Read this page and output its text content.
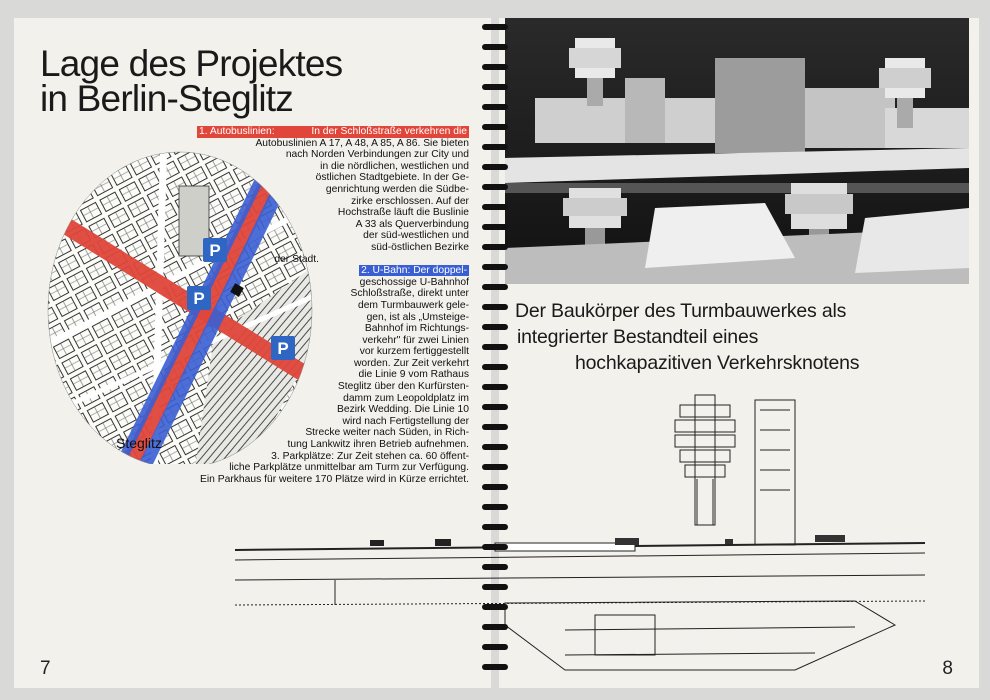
Lage des Projektes
in Berlin-Steglitz
P
P
P
Steglitz
1. Autobuslinien:	In der Schloßstraße verkehren die
Autobuslinien A 17, A 48, A 85, A 86. Sie bieten
nach Norden Verbindungen zur City und
in die nördlichen, westlichen und
östlichen Stadtgebiete. In der Ge-
genrichtung werden die Südbe-
zirke erschlossen. Auf der
Hochstraße läuft die Buslinie
A 33 als Querverbindung
der süd-westlichen und
süd-östlichen Bezirke
der Stadt.
2. U-Bahn: Der doppel-
geschossige U-Bahnhof
Schloßstraße, direkt unter
dem Turmbauwerk gele-
gen, ist als „Umsteige-
Bahnhof im Richtungs-
verkehr" für zwei Linien
vor kurzem fertiggestellt
worden. Zur Zeit verkehrt
die Linie 9 vom Rathaus
Steglitz über den Kurfürsten-
damm zum Leopoldplatz im
Bezirk Wedding. Die Linie 10
wird nach Fertigstellung der
Strecke weiter nach Süden, in Rich-
tung Lankwitz ihren Betrieb aufnehmen.
3. Parkplätze: Zur Zeit stehen ca. 60 öffent-
liche Parkplätze unmittelbar am Turm zur Verfügung.
Ein Parkhaus für weitere 170 Plätze wird in Kürze errichtet.
7
Der Baukörper des Turmbauwerkes als
integrierter Bestandteil eines
hochkapazitiven Verkehrsknotens
8
